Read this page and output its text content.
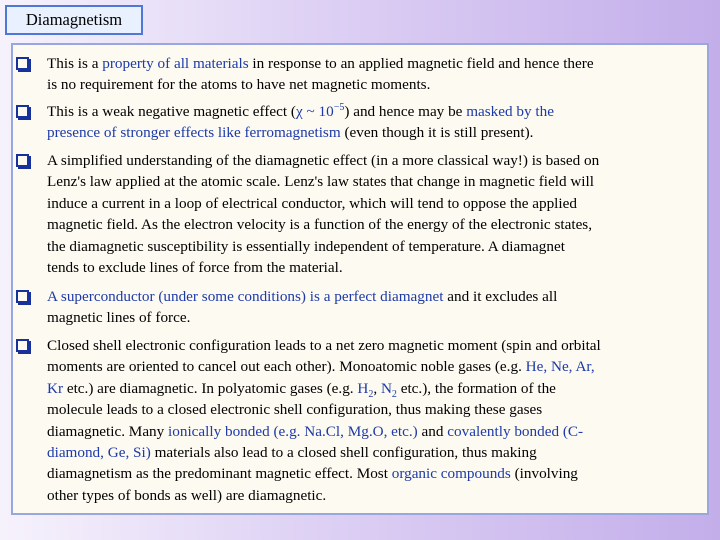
Diamagnetism
This is a property of all materials in response to an applied magnetic field and hence there
is no requirement for the atoms to have net magnetic moments.
This is a weak negative magnetic effect (χ ~ $10^{-5}$) and hence may be masked by the
presence of stronger effects like ferromagnetism (even though it is still present).
A simplified understanding of the diamagnetic effect (in a more classical way!) is based on
Lenz's law applied at the atomic scale. Lenz's law states that change in magnetic field will
induce a current in a loop of electrical conductor, which will tend to oppose the applied
magnetic field. As the electron velocity is a function of the energy of the electronic states,
the diamagnetic susceptibility is essentially independent of temperature. A diamagnet
tends to exclude lines of force from the material.
A superconductor (under some conditions) is a perfect diamagnet and it excludes all
magnetic lines of force.
Closed shell electronic configuration leads to a net zero magnetic moment (spin and orbital
moments are oriented to cancel out each other). Monoatomic noble gases (e.g. He, Ne, Ar,
Kr etc.) are diamagnetic. In polyatomic gases (e.g. $H_2$, $N_2$ etc.), the formation of the
molecule leads to a closed electronic shell configuration, thus making these gases
diamagnetic. Many ionically bonded (e.g. Na.Cl, Mg.O, etc.) and covalently bonded (C-
diamond, Ge, Si) materials also lead to a closed shell configuration, thus making
diamagnetism as the predominant magnetic effect. Most organic compounds (involving
other types of bonds as well) are diamagnetic.
